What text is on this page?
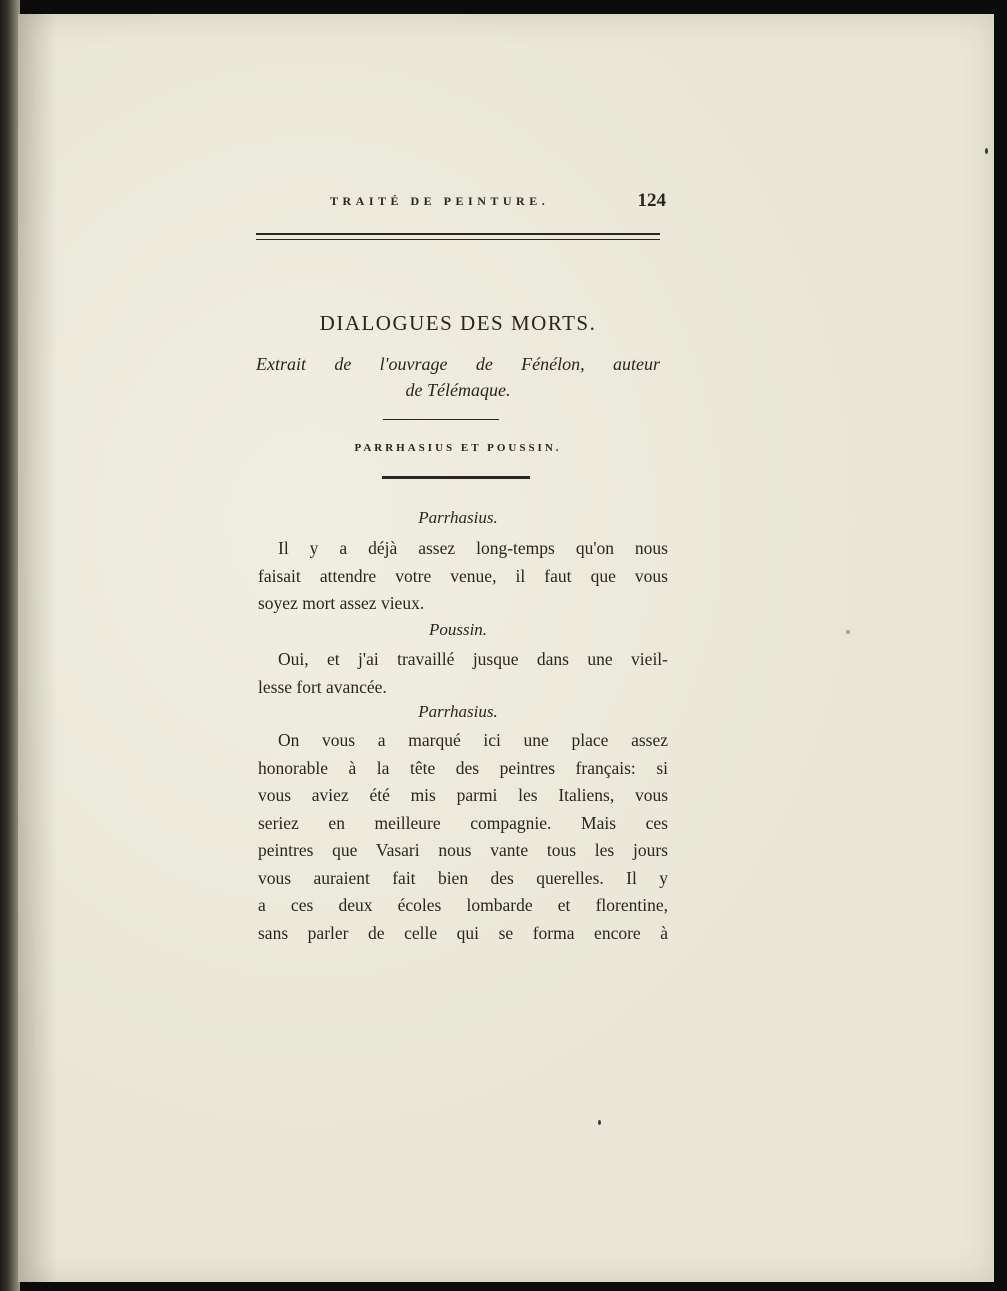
TRAITÉ DE PEINTURE.	124
DIALOGUES DES MORTS.
Extrait de l'ouvrage de Fénélon, auteur
de Télémaque.
PARRHASIUS ET POUSSIN.
Parrhasius.
Il y a déjà assez long-temps qu'on nous
faisait attendre votre venue, il faut que vous
soyez mort assez vieux.
Poussin.
Oui, et j'ai travaillé jusque dans une vieil-
lesse fort avancée.
Parrhasius.
On vous a marqué ici une place assez
honorable à la tête des peintres français: si
vous aviez été mis parmi les Italiens, vous
seriez en meilleure compagnie. Mais ces
peintres que Vasari nous vante tous les jours
vous auraient fait bien des querelles. Il y
a ces deux écoles lombarde et florentine,
sans parler de celle qui se forma encore à
